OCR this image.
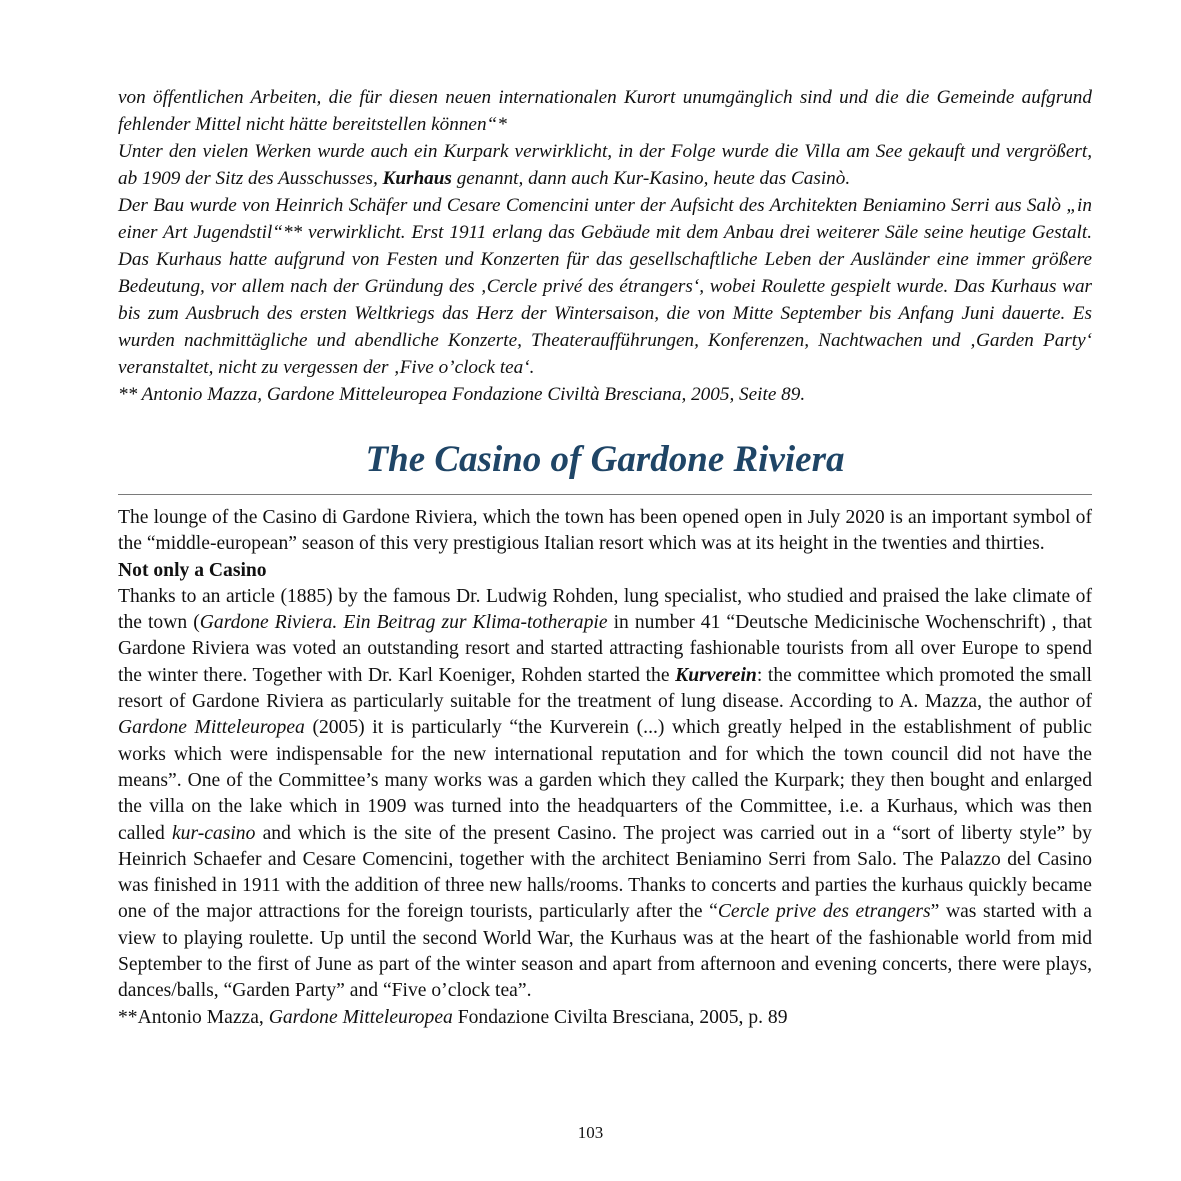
von öffentlichen Arbeiten, die für diesen neuen internationalen Kurort unumgänglich sind und die die Gemeinde aufgrund fehlender Mittel nicht hätte bereitstellen können“*

Unter den vielen Werken wurde auch ein Kurpark verwirklicht, in der Folge wurde die Villa am See gekauft und vergrößert, ab 1909 der Sitz des Ausschusses, Kurhaus genannt, dann auch Kur-Kasino, heute das Casinò.

Der Bau wurde von Heinrich Schäfer und Cesare Comencini unter der Aufsicht des Architekten Beniamino Serri aus Salò „in einer Art Jugendstil“** verwirklicht. Erst 1911 erlang das Gebäude mit dem Anbau drei weiterer Säle seine heutige Gestalt. Das Kurhaus hatte aufgrund von Festen und Konzerten für das gesellschaftliche Leben der Ausländer eine immer größere Bedeutung, vor allem nach der Gründung des ‚Cercle privé des étrangers‘, wobei Roulette gespielt wurde. Das Kurhaus war bis zum Ausbruch des ersten Weltkriegs das Herz der Wintersaison, die von Mitte September bis Anfang Juni dauerte. Es wurden nachmittägliche und abendliche Konzerte, Theateraufführungen, Konferenzen, Nachtwachen und ‚Garden Party‘ veranstaltet, nicht zu vergessen der ‚Five o’clock tea‘.

** Antonio Mazza, Gardone Mitteleuropea Fondazione Civiltà Bresciana, 2005, Seite 89.

The Casino of Gardone Riviera

The lounge of the Casino di Gardone Riviera, which the town has been opened open in July 2020 is an important symbol of the “middle-european” season of this very prestigious Italian resort which was at its height in the twenties and thirties.

Not only a Casino

Thanks to an article (1885) by the famous Dr. Ludwig Rohden, lung specialist, who studied and praised the lake climate of the town (Gardone Riviera. Ein Beitrag zur Klima-totherapie in number 41 “Deutsche Medicinische Wochenschrift) , that Gardone Riviera was voted an outstanding resort and started attracting fashionable tourists from all over Europe to spend the winter there. Together with Dr. Karl Koeniger, Rohden started the Kurverein: the committee which promoted the small resort of Gardone Riviera as particularly suitable for the treatment of lung disease. According to A. Mazza, the author of Gardone Mitteleuropea (2005) it is particularly “the Kurverein (...) which greatly helped in the establishment of public works which were indispensable for the new international reputation and for which the town council did not have the means”. One of the Committee’s many works was a garden which they called the Kurpark; they then bought and enlarged the villa on the lake which in 1909 was turned into the headquarters of the Committee, i.e. a Kurhaus, which was then called kur-casino and which is the site of the present Casino. The project was carried out in a “sort of liberty style” by Heinrich Schaefer and Cesare Comencini, together with the architect Beniamino Serri from Salo. The Palazzo del Casino was finished in 1911 with the addition of three new halls/rooms. Thanks to concerts and parties the kurhaus quickly became one of the major attractions for the foreign tourists, particularly after the “Cercle prive des etrangers” was started with a view to playing roulette. Up until the second World War, the Kurhaus was at the heart of the fashionable world from mid September to the first of June as part of the winter season and apart from afternoon and evening concerts, there were plays, dances/balls, “Garden Party” and “Five o’clock tea”.

**Antonio Mazza, Gardone Mitteleuropea Fondazione Civilta Bresciana, 2005, p. 89

103
